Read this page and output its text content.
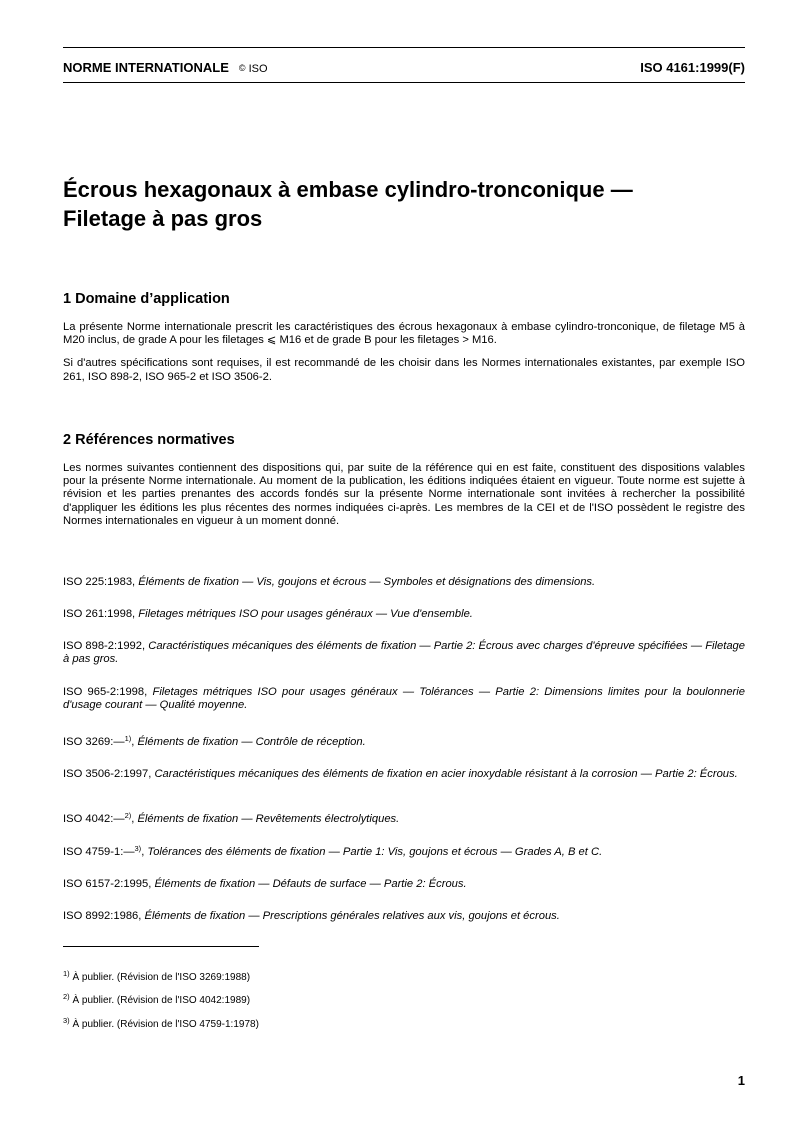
NORME INTERNATIONALE © ISO	ISO 4161:1999(F)
Écrous hexagonaux à embase cylindro-tronconique —
Filetage à pas gros
1 Domaine d’application

La présente Norme internationale prescrit les caractéristiques des écrous hexagonaux à embase cylindro-tronconique, de filetage M5 à M20 inclus, de grade A pour les filetages ⩽ M16 et de grade B pour les filetages > M16.

Si d'autres spécifications sont requises, il est recommandé de les choisir dans les Normes internationales existantes, par exemple ISO 261, ISO 898-2, ISO 965-2 et ISO 3506-2.

2 Références normatives

Les normes suivantes contiennent des dispositions qui, par suite de la référence qui en est faite, constituent des dispositions valables pour la présente Norme internationale. Au moment de la publication, les éditions indiquées étaient en vigueur. Toute norme est sujette à révision et les parties prenantes des accords fondés sur la présente Norme internationale sont invitées à rechercher la possibilité d'appliquer les éditions les plus récentes des normes indiquées ci-après. Les membres de la CEI et de l'ISO possèdent le registre des Normes internationales en vigueur à un moment donné.

ISO 225:1983, Éléments de fixation — Vis, goujons et écrous — Symboles et désignations des dimensions.

ISO 261:1998, Filetages métriques ISO pour usages généraux — Vue d'ensemble.

ISO 898-2:1992, Caractéristiques mécaniques des éléments de fixation — Partie 2: Écrous avec charges d'épreuve spécifiées — Filetage à pas gros.

ISO 965-2:1998, Filetages métriques ISO pour usages généraux — Tolérances — Partie 2: Dimensions limites pour la boulonnerie d'usage courant — Qualité moyenne.

ISO 3269:—$^{1)}$, Éléments de fixation — Contrôle de réception.

ISO 3506-2:1997, Caractéristiques mécaniques des éléments de fixation en acier inoxydable résistant à la corrosion — Partie 2: Écrous.

ISO 4042:—$^{2)}$, Éléments de fixation — Revêtements électrolytiques.

ISO 4759-1:—$^{3)}$, Tolérances des éléments de fixation — Partie 1: Vis, goujons et écrous — Grades A, B et C.

ISO 6157-2:1995, Éléments de fixation — Défauts de surface — Partie 2: Écrous.

ISO 8992:1986, Éléments de fixation — Prescriptions générales relatives aux vis, goujons et écrous.

$^{1)}$ À publier. (Révision de l'ISO 3269:1988)
$^{2)}$ À publier. (Révision de l'ISO 4042:1989)
$^{3)}$ À publier. (Révision de l'ISO 4759-1:1978)
1
